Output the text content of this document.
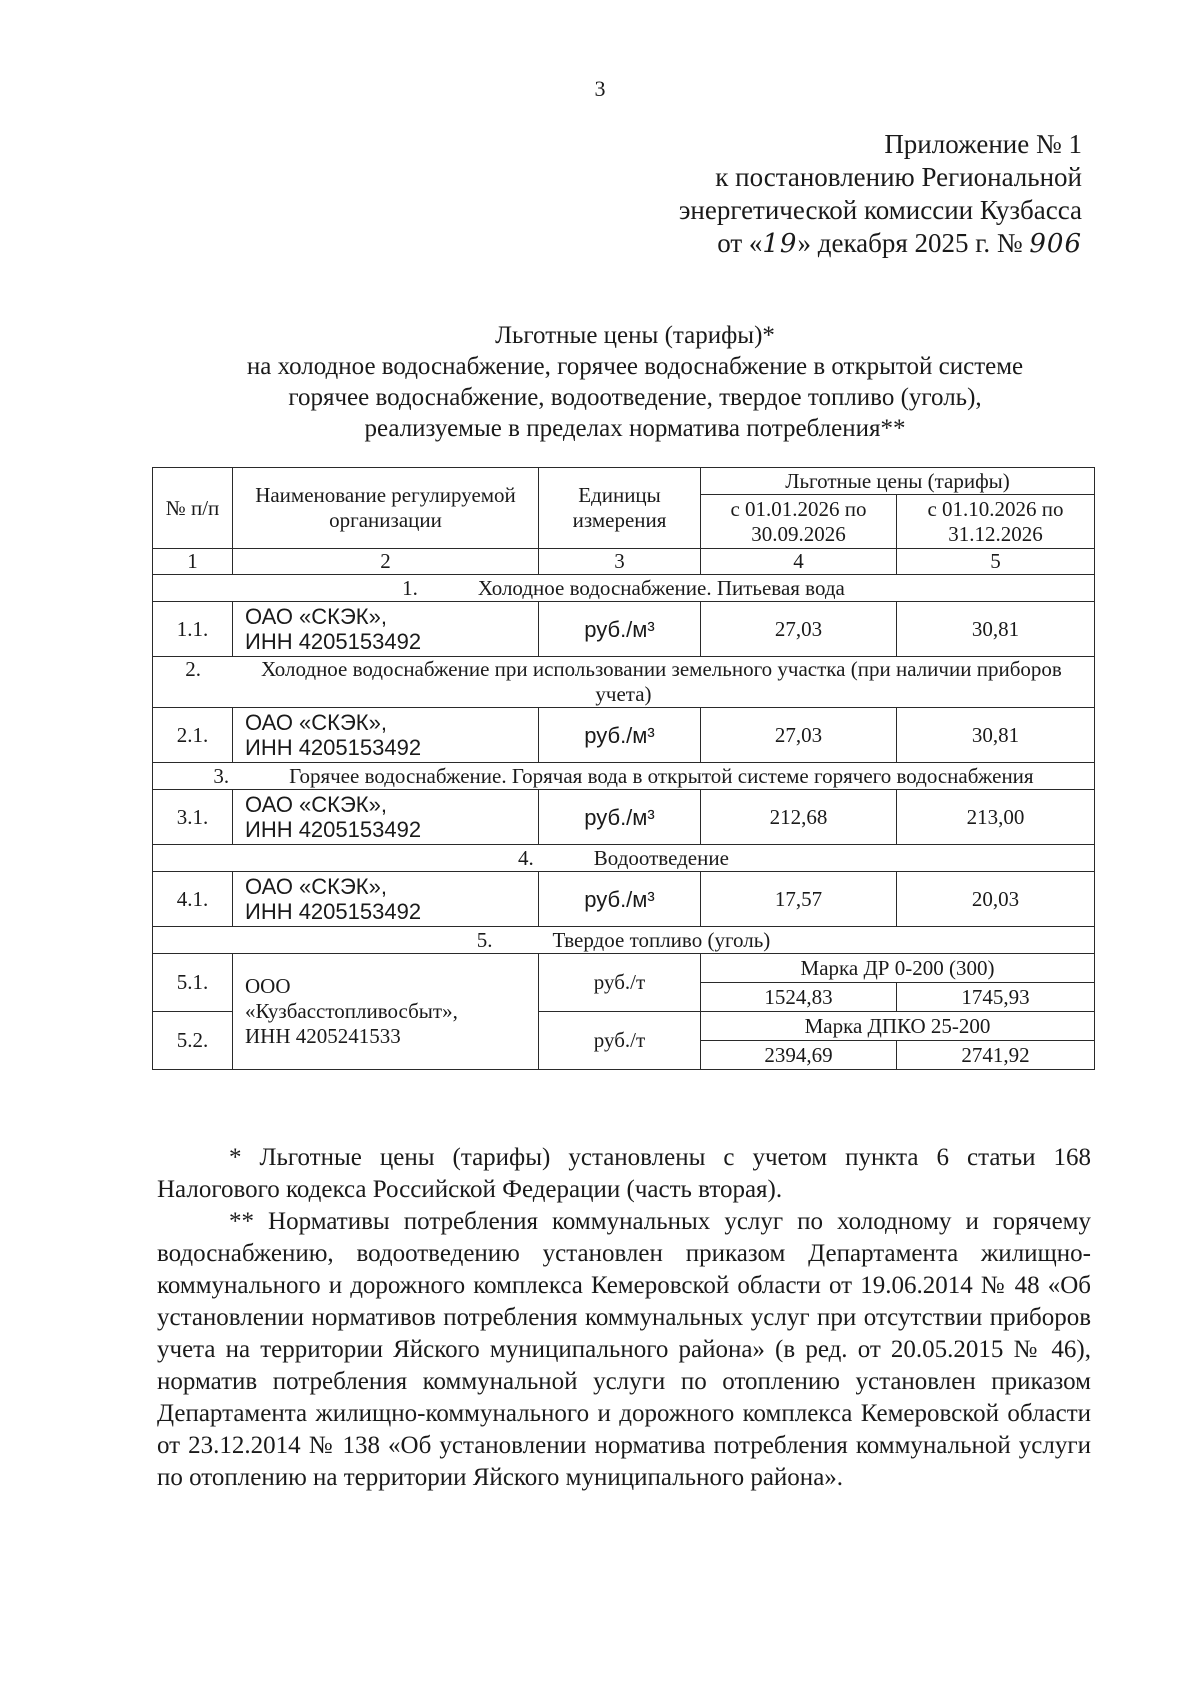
3
Приложение № 1
к постановлению Региональной
энергетической комиссии Кузбасса
от «19» декабря 2025 г. № 906
Льготные цены (тарифы)*
на холодное водоснабжение, горячее водоснабжение в открытой системе
горячее водоснабжение, водоотведение, твердое топливо (уголь),
реализуемые в пределах норматива потребления**
№ п/п	Наименование регулируемой организации	Единицы измерения	Льготные цены (тарифы)	
			с 01.01.2026 по 30.09.2026	с 01.10.2026 по 31.12.2026
1	2	3	4	5
1. Холодное водоснабжение. Питьевая вода				
1.1.	ОАО «СКЭК»,
ИНН 4205153492	руб./м³	27,03	30,81
2. Холодное водоснабжение при использовании земельного участка (при наличии приборов учета)				
2.1.	ОАО «СКЭК»,
ИНН 4205153492	руб./м³	27,03	30,81
3. Горячее водоснабжение. Горячая вода в открытой системе горячего водоснабжения				
3.1.	ОАО «СКЭК»,
ИНН 4205153492	руб./м³	212,68	213,00
4. Водоотведение				
4.1.	ОАО «СКЭК»,
ИНН 4205153492	руб./м³	17,57	20,03
5. Твердое топливо (уголь)				
5.1.	ООО
«Кузбасстопливосбыт»,
ИНН 4205241533	руб./т	Марка ДР 0-200 (300)	
			1524,83	1745,93
5.2.		руб./т	Марка ДПКО 25-200	
			2394,69	2741,92

* Льготные цены (тарифы) установлены с учетом пункта 6 статьи 168 Налогового кодекса Российской Федерации (часть вторая).

** Нормативы потребления коммунальных услуг по холодному и горячему водоснабжению, водоотведению установлен приказом Департамента жилищно-коммунального и дорожного комплекса Кемеровской области от 19.06.2014 № 48 «Об установлении нормативов потребления коммунальных услуг при отсутствии приборов учета на территории Яйского муниципального района» (в ред. от 20.05.2015 № 46), норматив потребления коммунальной услуги по отоплению установлен приказом Департамента жилищно-коммунального и дорожного комплекса Кемеровской области от 23.12.2014 № 138 «Об установлении норматива потребления коммунальной услуги по отоплению на территории Яйского муниципального района».
